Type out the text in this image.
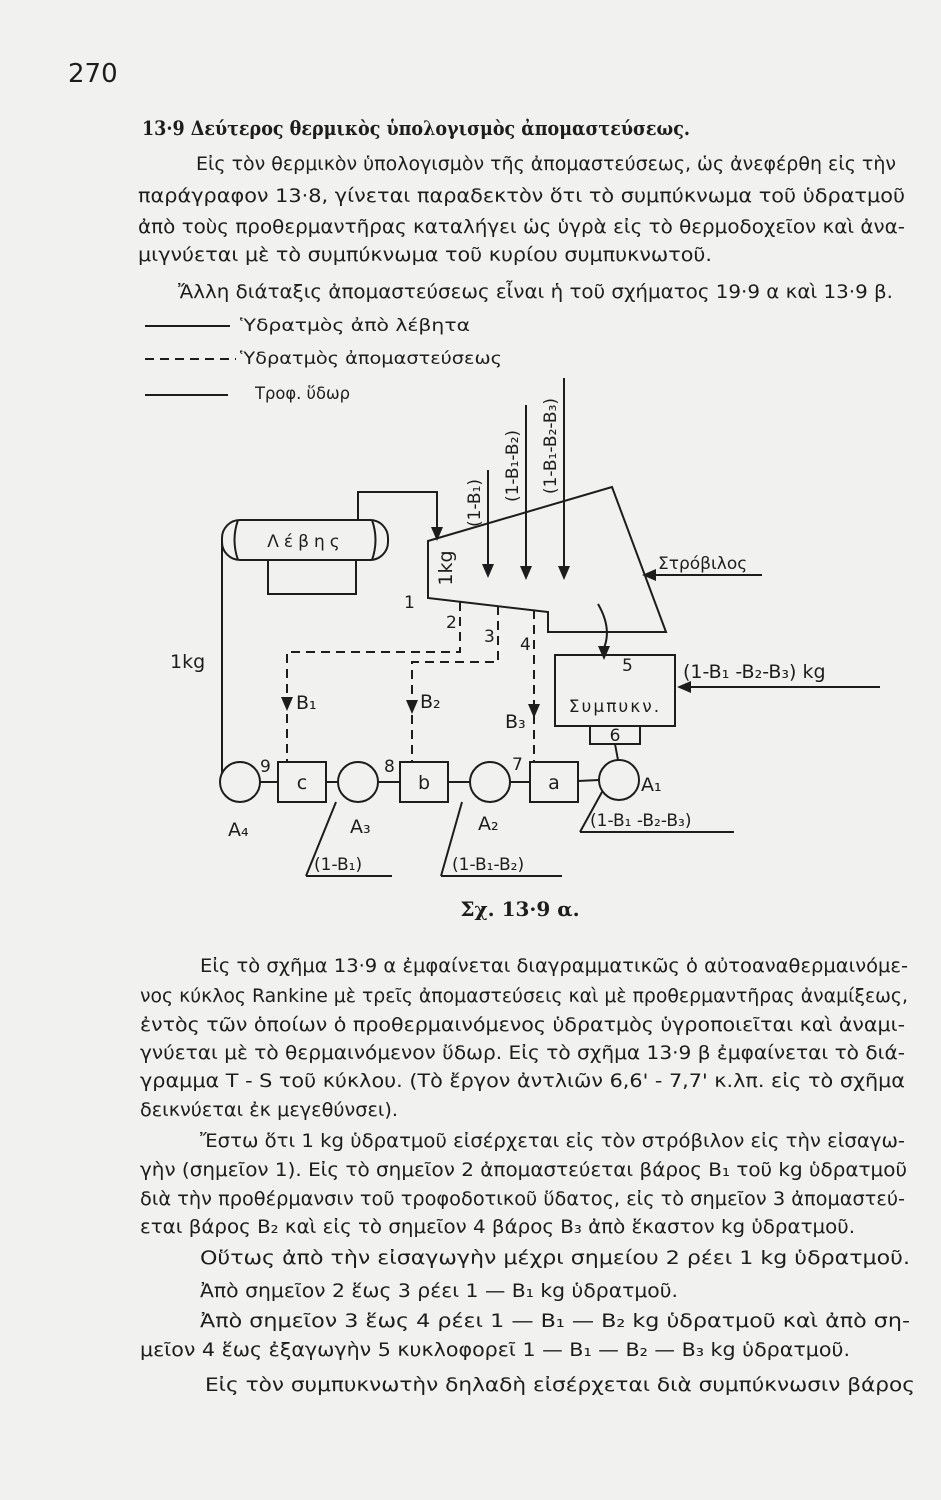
270
13·9 Δεύτερος θερμικὸς ὑπολογισμὸς ἀπομαστεύσεως.
Εἰς τὸν θερμικὸν ὑπολογισμὸν τῆς ἀπομαστεύσεως, ὡς ἀνεφέρθη εἰς τὴν
παράγραφον 13·8, γίνεται παραδεκτὸν ὅτι τὸ συμπύκνωμα τοῦ ὑδρατμοῦ
ἀπὸ τοὺς προθερμαντῆρας καταλήγει ὡς ὑγρὰ εἰς τὸ θερμοδοχεῖον καὶ ἀνα-
μιγνύεται μὲ τὸ συμπύκνωμα τοῦ κυρίου συμπυκνωτοῦ.
Ἄλλη διάταξις ἀπομαστεύσεως εἶναι ἡ τοῦ σχήματος 19·9 α καὶ 13·9 β.
Ὑδρατμὸς ἀπὸ λέβητα
Ὑδρατμὸς ἀπομαστεύσεως
Τροφ. ὕδωρ
Λέβης
1kg
1kg
(1-B₁)
(1-B₁-B₂) (1-B₁-B₂-B₃)
Στρόβιλος
1
2
3 4
5
9	8	7
B₁	B₂
B₃
Συμπυκν.
6
(1-B₁ -B₂-B₃) kg
c	b	a
A₄	A₃	A₂
A₁
(1-B₁)	(1-B₁-B₂)
(1-B₁ -B₂-B₃)
Σχ. 13·9 α.
Εἰς τὸ σχῆμα 13·9 α ἐμφαίνεται διαγραμματικῶς ὁ αὐτοαναθερμαινόμε-
νος κύκλος Rankine μὲ τρεῖς ἀπομαστεύσεις καὶ μὲ προθερμαντῆρας ἀναμίξεως,
ἐντὸς τῶν ὁποίων ὁ προθερμαινόμενος ὑδρατμὸς ὑγροποιεῖται καὶ ἀναμι-
γνύεται μὲ τὸ θερμαινόμενον ὕδωρ. Εἰς τὸ σχῆμα 13·9 β ἐμφαίνεται τὸ διά-
γραμμα T - S τοῦ κύκλου. (Τὸ ἔργον ἀντλιῶν 6,6' - 7,7' κ.λπ. εἰς τὸ σχῆμα
δεικνύεται ἐκ μεγεθύνσει).
Ἔστω ὅτι 1 kg ὑδρατμοῦ εἰσέρχεται εἰς τὸν στρόβιλον εἰς τὴν εἰσαγω-
γὴν (σημεῖον 1). Εἰς τὸ σημεῖον 2 ἀπομαστεύεται βάρος B₁ τοῦ kg ὑδρατμοῦ
διὰ τὴν προθέρμανσιν τοῦ τροφοδοτικοῦ ὕδατος, εἰς τὸ σημεῖον 3 ἀπομαστεύ-
εται βάρος B₂ καὶ εἰς τὸ σημεῖον 4 βάρος B₃ ἀπὸ ἕκαστον kg ὑδρατμοῦ.
Οὕτως ἀπὸ τὴν εἰσαγωγὴν μέχρι σημείου 2 ρέει 1 kg ὑδρατμοῦ.
Ἀπὸ σημεῖον 2 ἕως 3 ρέει 1 — B₁ kg ὑδρατμοῦ.
Ἀπὸ σημεῖον 3 ἕως 4 ρέει 1 — B₁ — B₂ kg ὑδρατμοῦ καὶ ἀπὸ ση-
μεῖον 4 ἕως ἐξαγωγὴν 5 κυκλοφορεῖ 1 — B₁ — B₂ — B₃ kg ὑδρατμοῦ.
Εἰς τὸν συμπυκνωτὴν δηλαδὴ εἰσέρχεται διὰ συμπύκνωσιν βάρος
